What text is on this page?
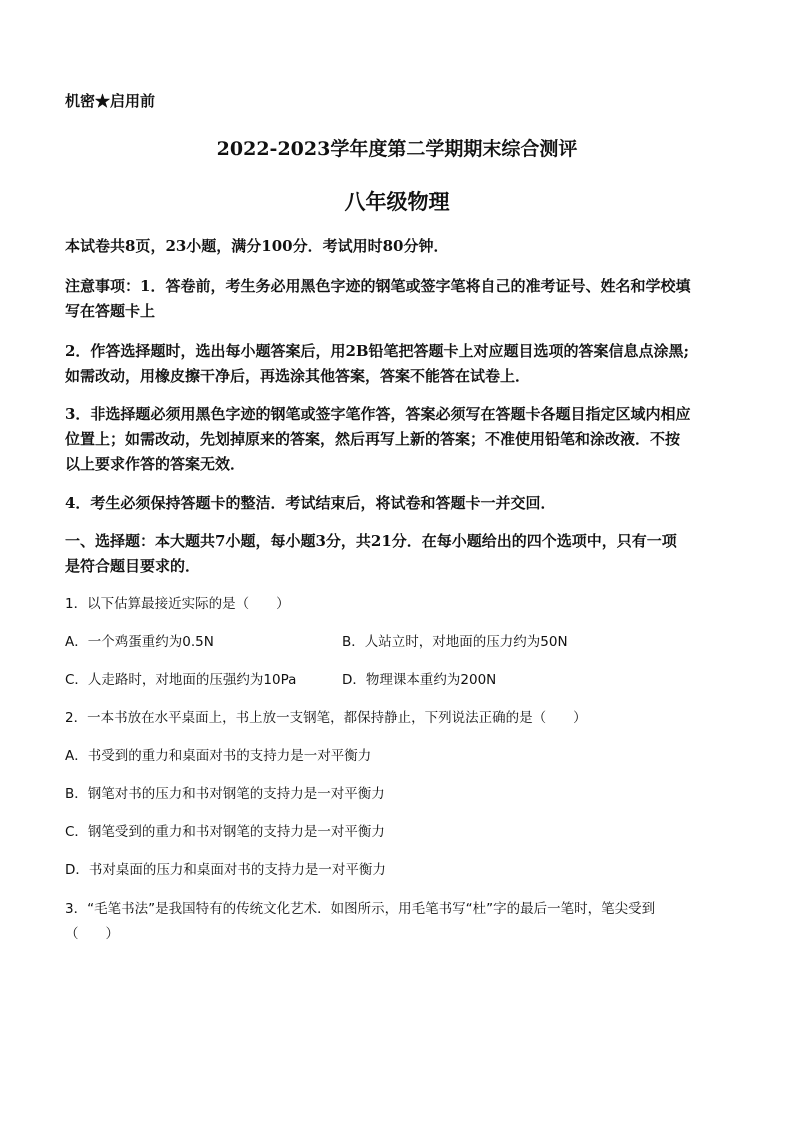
机密★启用前
2022-2023学年度第二学期期末综合测评
八年级物理
本试卷共8页，23小题，满分100分．考试用时80分钟．
注意事项：1．答卷前，考生务必用黑色字迹的钢笔或签字笔将自己的准考证号、姓名和学校填
写在答题卡上
2．作答选择题时，选出每小题答案后，用2B铅笔把答题卡上对应题目选项的答案信息点涂黑;
如需改动，用橡皮擦干净后，再选涂其他答案，答案不能答在试卷上．
3．非选择题必须用黑色字迹的钢笔或签字笔作答，答案必须写在答题卡各题目指定区域内相应
位置上；如需改动，先划掉原来的答案，然后再写上新的答案；不准使用铅笔和涂改液．不按
以上要求作答的答案无效．
4．考生必须保持答题卡的整洁．考试结束后，将试卷和答题卡一并交回．
一、选择题：本大题共7小题，每小题3分，共21分．在每小题给出的四个选项中，只有一项
是符合题目要求的．
1．以下估算最接近实际的是（　　）
A．一个鸡蛋重约为0.5N	B．人站立时，对地面的压力约为50N
C．人走路时，对地面的压强约为10Pa	D．物理课本重约为200N
2．一本书放在水平桌面上，书上放一支钢笔，都保持静止，下列说法正确的是（　　）
A．书受到的重力和桌面对书的支持力是一对平衡力
B．钢笔对书的压力和书对钢笔的支持力是一对平衡力
C．钢笔受到的重力和书对钢笔的支持力是一对平衡力
D．书对桌面的压力和桌面对书的支持力是一对平衡力
3．“毛笔书法”是我国特有的传统文化艺术．如图所示，用毛笔书写“杜”字的最后一笔时，笔尖受到
（　　）
